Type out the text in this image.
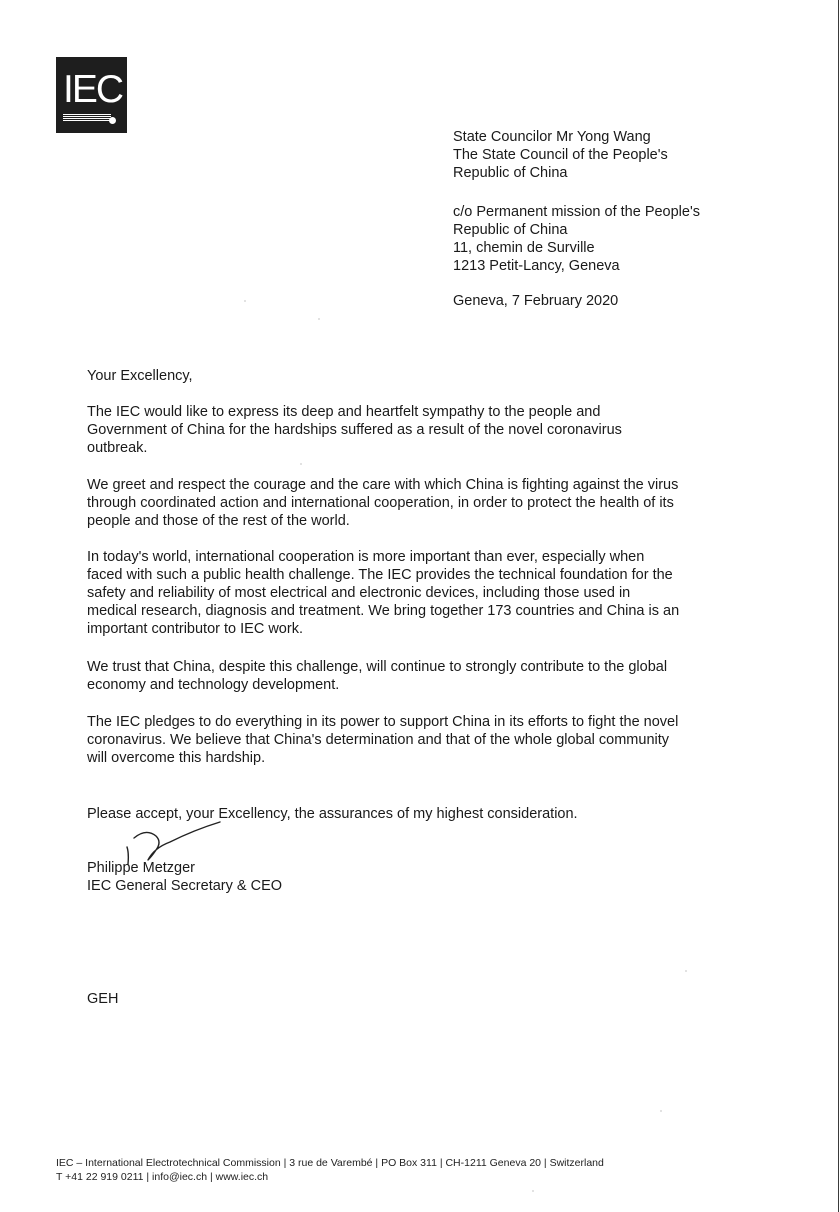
IEC
State Councilor Mr Yong Wang
The State Council of the People's
Republic of China
c/o Permanent mission of the People's
Republic of China
11, chemin de Surville
1213 Petit-Lancy, Geneva
Geneva, 7 February 2020
Your Excellency,
The IEC would like to express its deep and heartfelt sympathy to the people and
Government of China for the hardships suffered as a result of the novel coronavirus
outbreak.
We greet and respect the courage and the care with which China is fighting against the virus
through coordinated action and international cooperation, in order to protect the health of its
people and those of the rest of the world.
In today's world, international cooperation is more important than ever, especially when
faced with such a public health challenge. The IEC provides the technical foundation for the
safety and reliability of most electrical and electronic devices, including those used in
medical research, diagnosis and treatment. We bring together 173 countries and China is an
important contributor to IEC work.
We trust that China, despite this challenge, will continue to strongly contribute to the global
economy and technology development.
The IEC pledges to do everything in its power to support China in its efforts to fight the novel
coronavirus. We believe that China's determination and that of the whole global community
will overcome this hardship.
Please accept, your Excellency, the assurances of my highest consideration.
Philippe Metzger
IEC General Secretary & CEO
GEH
IEC – International Electrotechnical Commission | 3 rue de Varembé | PO Box 311 | CH-1211 Geneva 20 | Switzerland
T +41 22 919 0211 | info@iec.ch | www.iec.ch
